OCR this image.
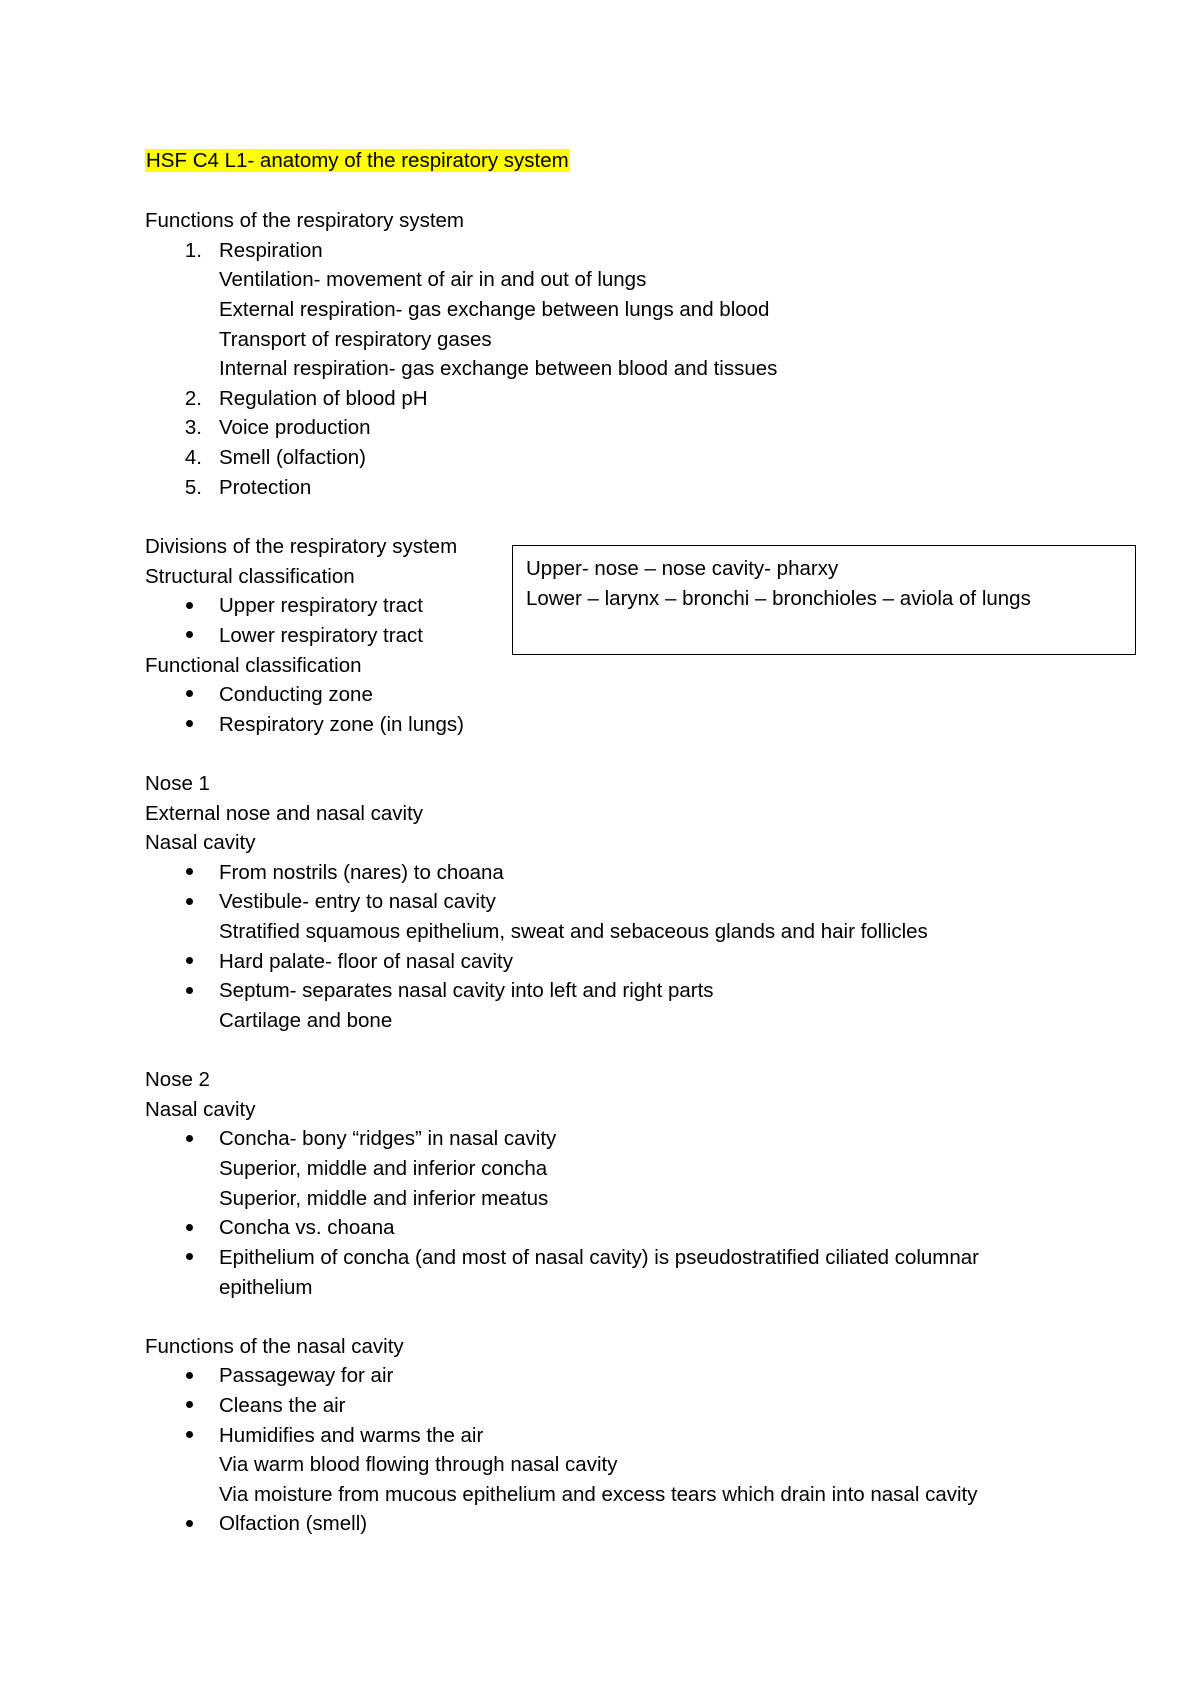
HSF C4 L1- anatomy of the respiratory system
Functions of the respiratory system
1. Respiration
Ventilation- movement of air in and out of lungs
External respiration- gas exchange between lungs and blood
Transport of respiratory gases
Internal respiration- gas exchange between blood and tissues
2. Regulation of blood pH
3. Voice production
4. Smell (olfaction)
5. Protection
Divisions of the respiratory system
Structural classification
Upper respiratory tract
Lower respiratory tract
Functional classification
Conducting zone
Respiratory zone (in lungs)
Upper- nose – nose cavity- pharxy
Lower – larynx – bronchi – bronchioles – aviola of lungs
Nose 1
External nose and nasal cavity
Nasal cavity
From nostrils (nares) to choana
Vestibule- entry to nasal cavity
Stratified squamous epithelium, sweat and sebaceous glands and hair follicles
Hard palate- floor of nasal cavity
Septum- separates nasal cavity into left and right parts
Cartilage and bone
Nose 2
Nasal cavity
Concha- bony “ridges” in nasal cavity
Superior, middle and inferior concha
Superior, middle and inferior meatus
Concha vs. choana
Epithelium of concha (and most of nasal cavity) is pseudostratified ciliated columnar
epithelium
Functions of the nasal cavity
Passageway for air
Cleans the air
Humidifies and warms the air
Via warm blood flowing through nasal cavity
Via moisture from mucous epithelium and excess tears which drain into nasal cavity
Olfaction (smell)
